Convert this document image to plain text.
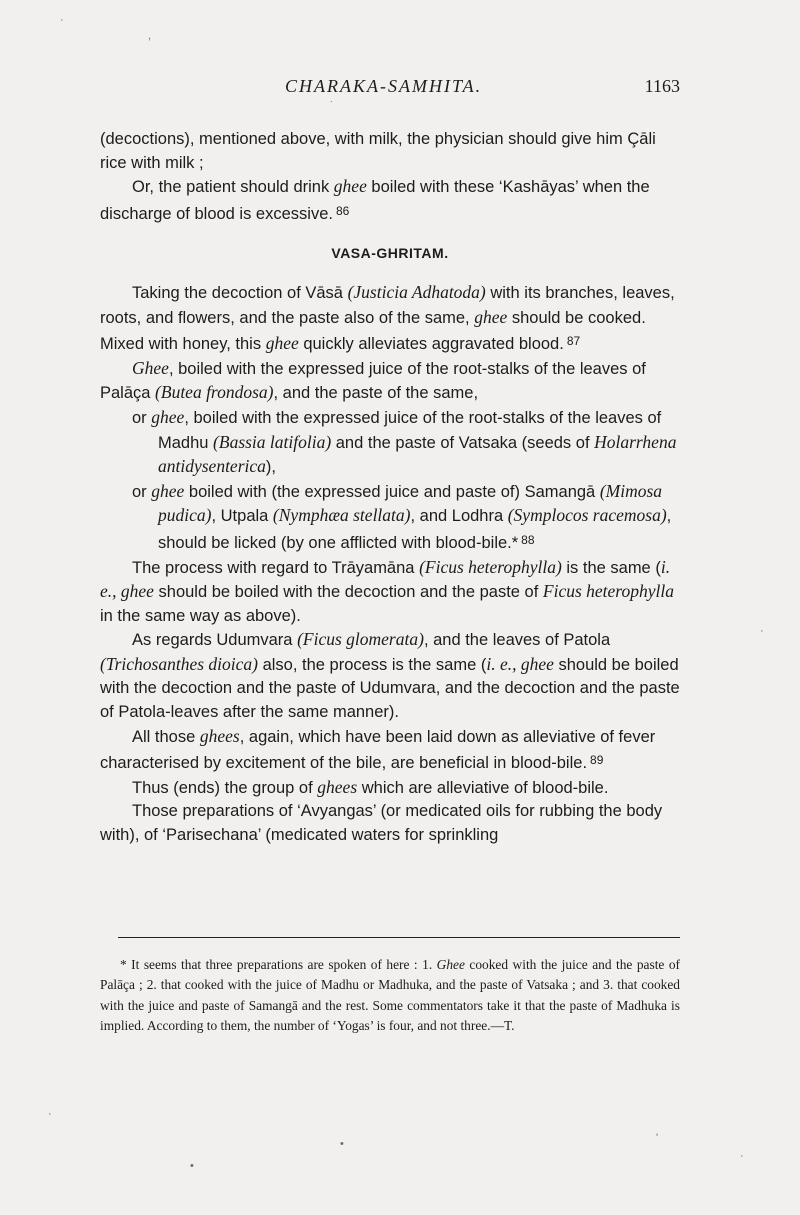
CHARAKA-SAMHITA.	1163

(decoctions), mentioned above, with milk, the physician should give him Çāli rice with milk ;

Or, the patient should drink ghee boiled with these ‘Kashāyas’ when the discharge of blood is excessive. $^{86}$

VASA-GHRITAM.

Taking the decoction of Vāsā (Justicia Adhatoda) with its branches, leaves, roots, and flowers, and the paste also of the same, ghee should be cooked. Mixed with honey, this ghee quickly alleviates aggravated blood. $^{87}$

Ghee, boiled with the expressed juice of the root-stalks of the leaves of Palāça (Butea frondosa), and the paste of the same,

or ghee, boiled with the expressed juice of the root-stalks of the leaves of Madhu (Bassia latifolia) and the paste of Vatsaka (seeds of Holarrhena antidysenterica),

or ghee boiled with (the expressed juice and paste of) Samangā (Mimosa pudica), Utpala (Nymphæa stellata), and Lodhra (Symplocos racemosa), should be licked (by one afflicted with blood-bile.* $^{88}$

The process with regard to Trāyamāna (Ficus heterophylla) is the same (i. e., ghee should be boiled with the decoction and the paste of Ficus heterophylla in the same way as above).

As regards Udumvara (Ficus glomerata), and the leaves of Patola (Trichosanthes dioica) also, the process is the same (i. e., ghee should be boiled with the decoction and the paste of Udumvara, and the decoction and the paste of Patola-leaves after the same manner).

All those ghees, again, which have been laid down as alleviative of fever characterised by excitement of the bile, are beneficial in blood-bile. $^{89}$

Thus (ends) the group of ghees which are alleviative of blood-bile.

Those preparations of ‘Avyangas’ (or medicated oils for rubbing the body with), of ‘Parisechana’ (medicated waters for sprinkling

* It seems that three preparations are spoken of here : 1. Ghee cooked with the juice and the paste of Palāça ; 2. that cooked with the juice of Madhu or Madhuka, and the paste of Vatsaka ; and 3. that cooked with the juice and paste of Samangā and the rest. Some commentators take it that the paste of Madhuka is implied. According to them, the number of ‘Yogas’ is four, and not three.—T.

·
,
˙
·
·
•
•	'
·
